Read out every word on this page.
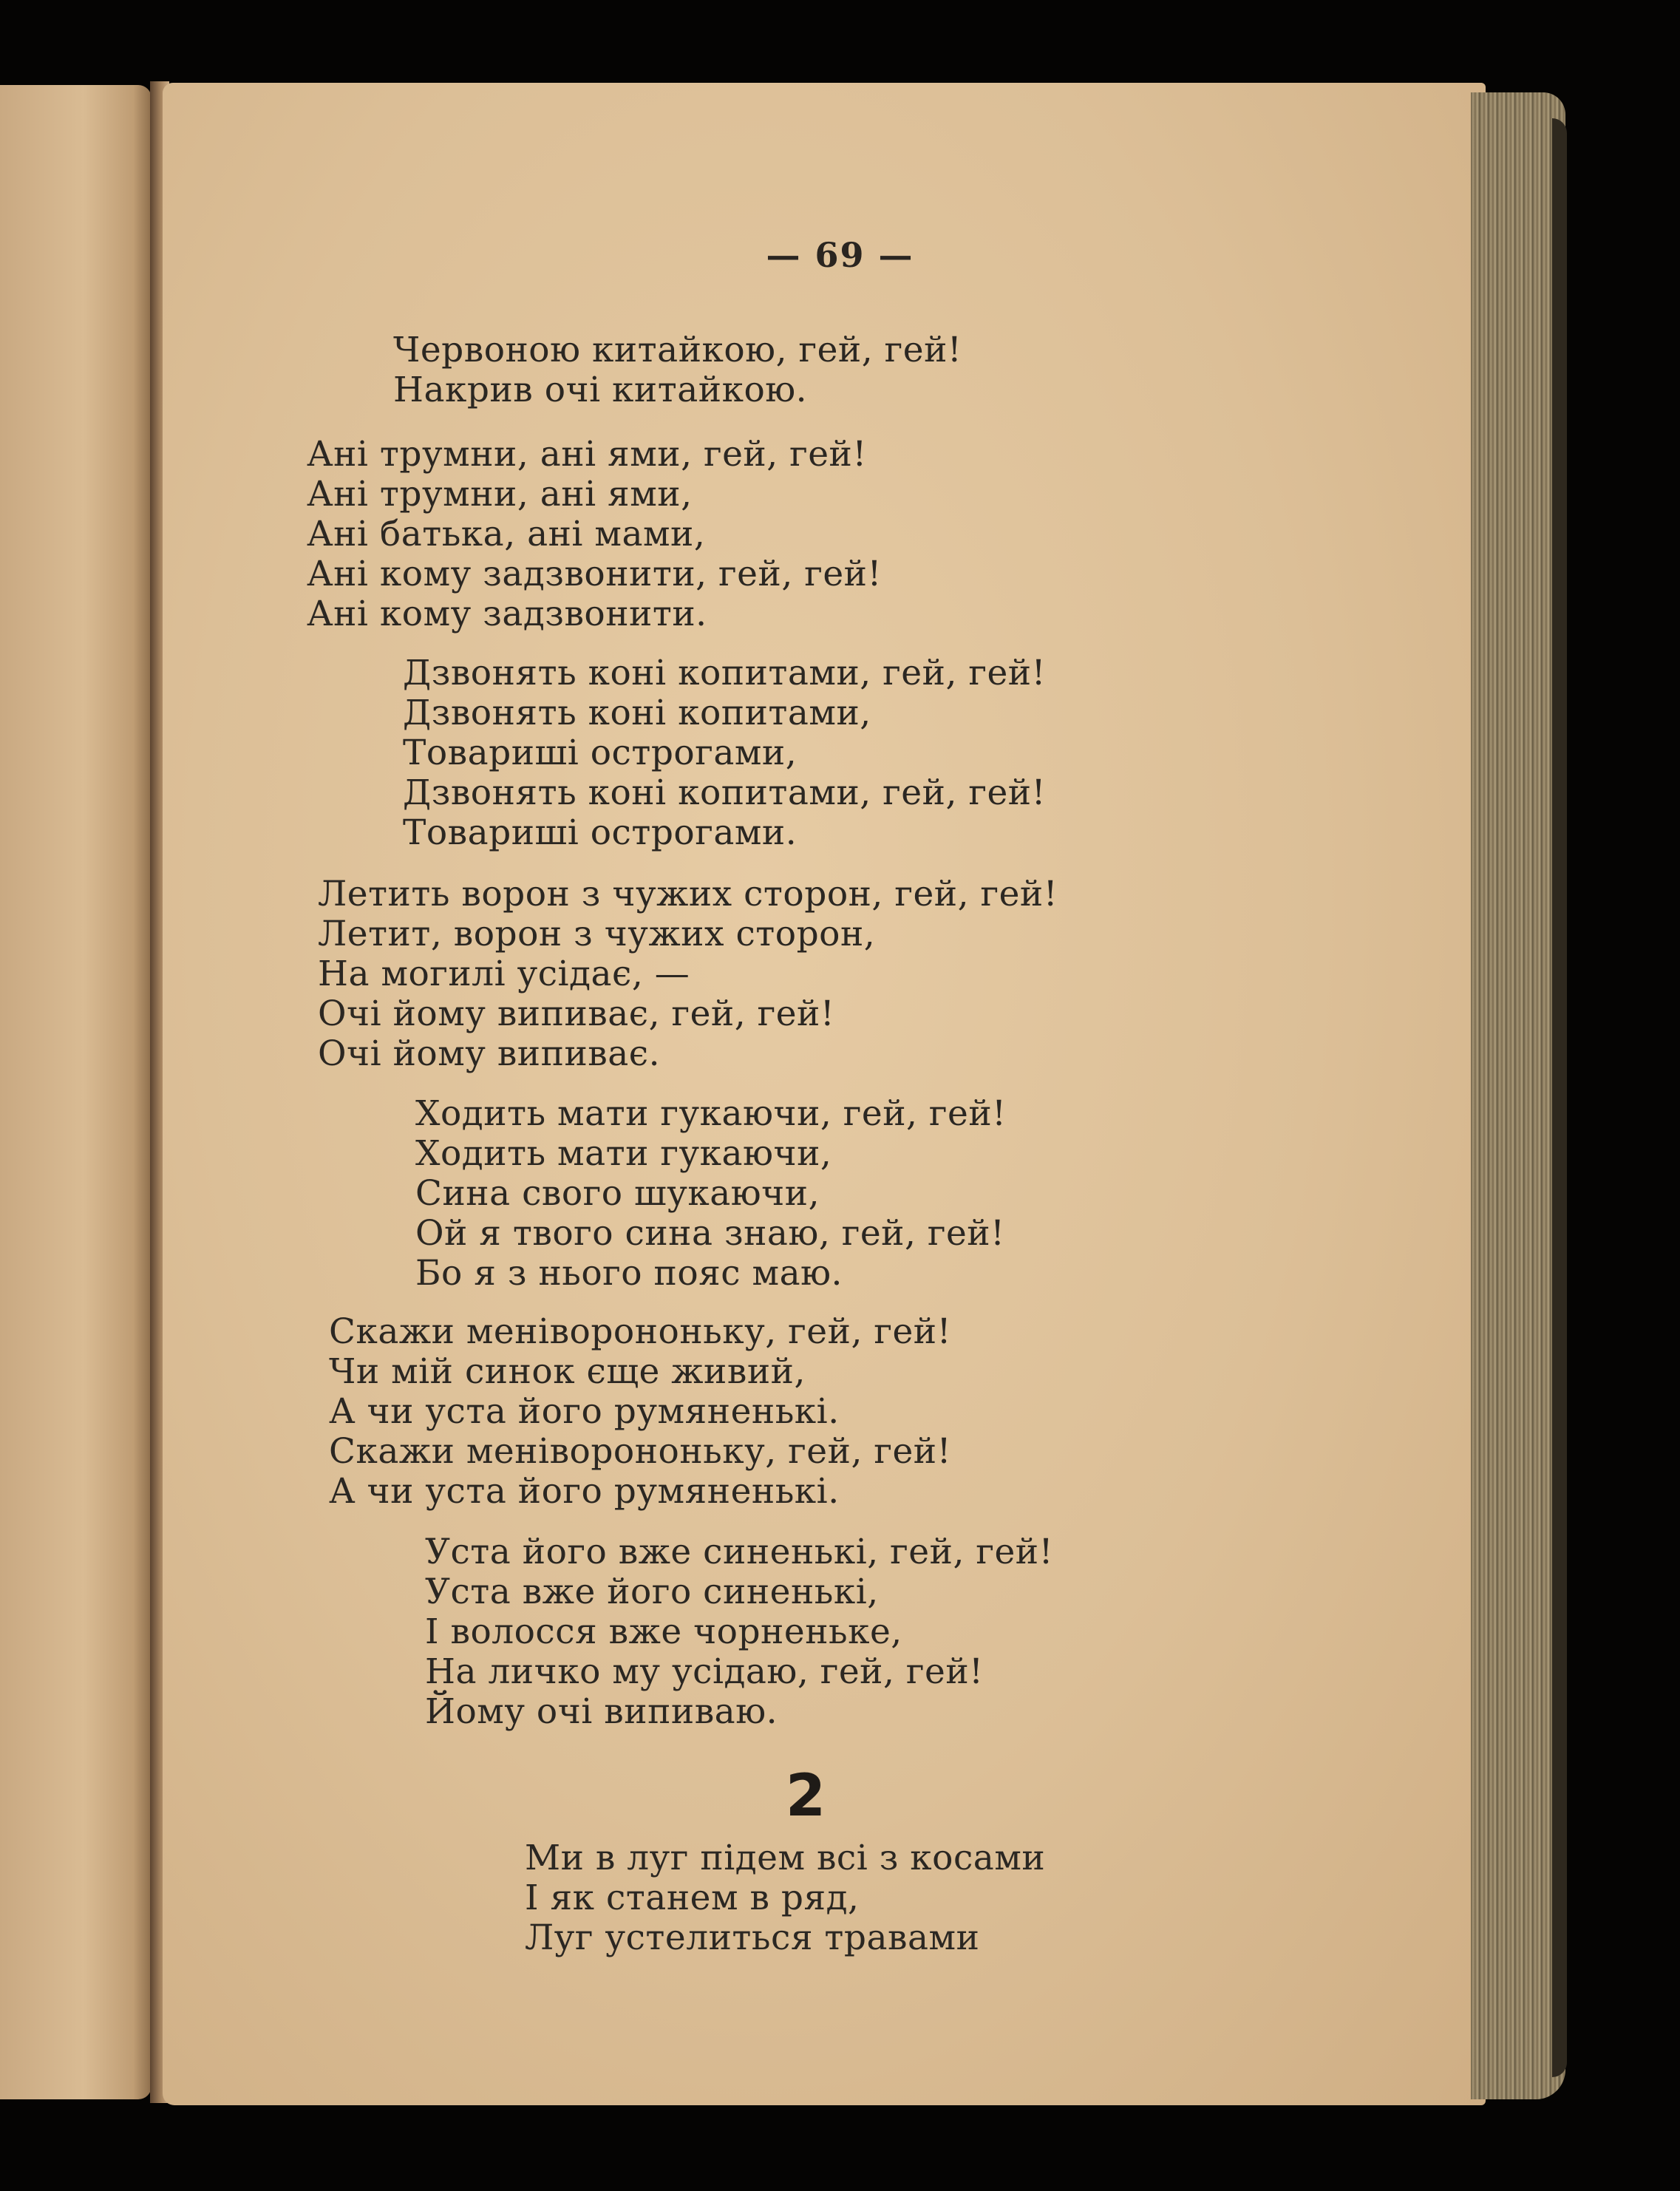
— 69 —
Червоною китайкою, гей, гей!
Накрив очі китайкою.
Ані трумни, ані ями, гей, гей!
Ані трумни, ані ями,
Ані батька, ані мами,
Ані кому задзвонити, гей, гей!
Ані кому задзвонити.
Дзвонять коні копитами, гей, гей!
Дзвонять коні копитами,
Товариші острогами,
Дзвонять коні копитами, гей, гей!
Товариші острогами.
Летить ворон з чужих сторон, гей, гей!
Летит, ворон з чужих сторон,
На могилі усідає, —
Очі йому випиває, гей, гей!
Очі йому випиває.
Ходить мати гукаючи, гей, гей!
Ходить мати гукаючи,
Сина свого шукаючи,
Ой я твого сина знаю, гей, гей!
Бо я з нього пояс маю.
Скажи меніворононьку, гей, гей!
Чи мій синок єще живий,
А чи уста його румяненькі.
Скажи меніворононьку, гей, гей!
А чи уста його румяненькі.
Уста його вже синенькі, гей, гей!
Уста вже його синенькі,
І волосся вже чорненьке,
На личко му усідаю, гей, гей!
Йому очі випиваю.
2
Ми в луг підем всі з косами
І як станем в ряд,
Луг устелиться травами
